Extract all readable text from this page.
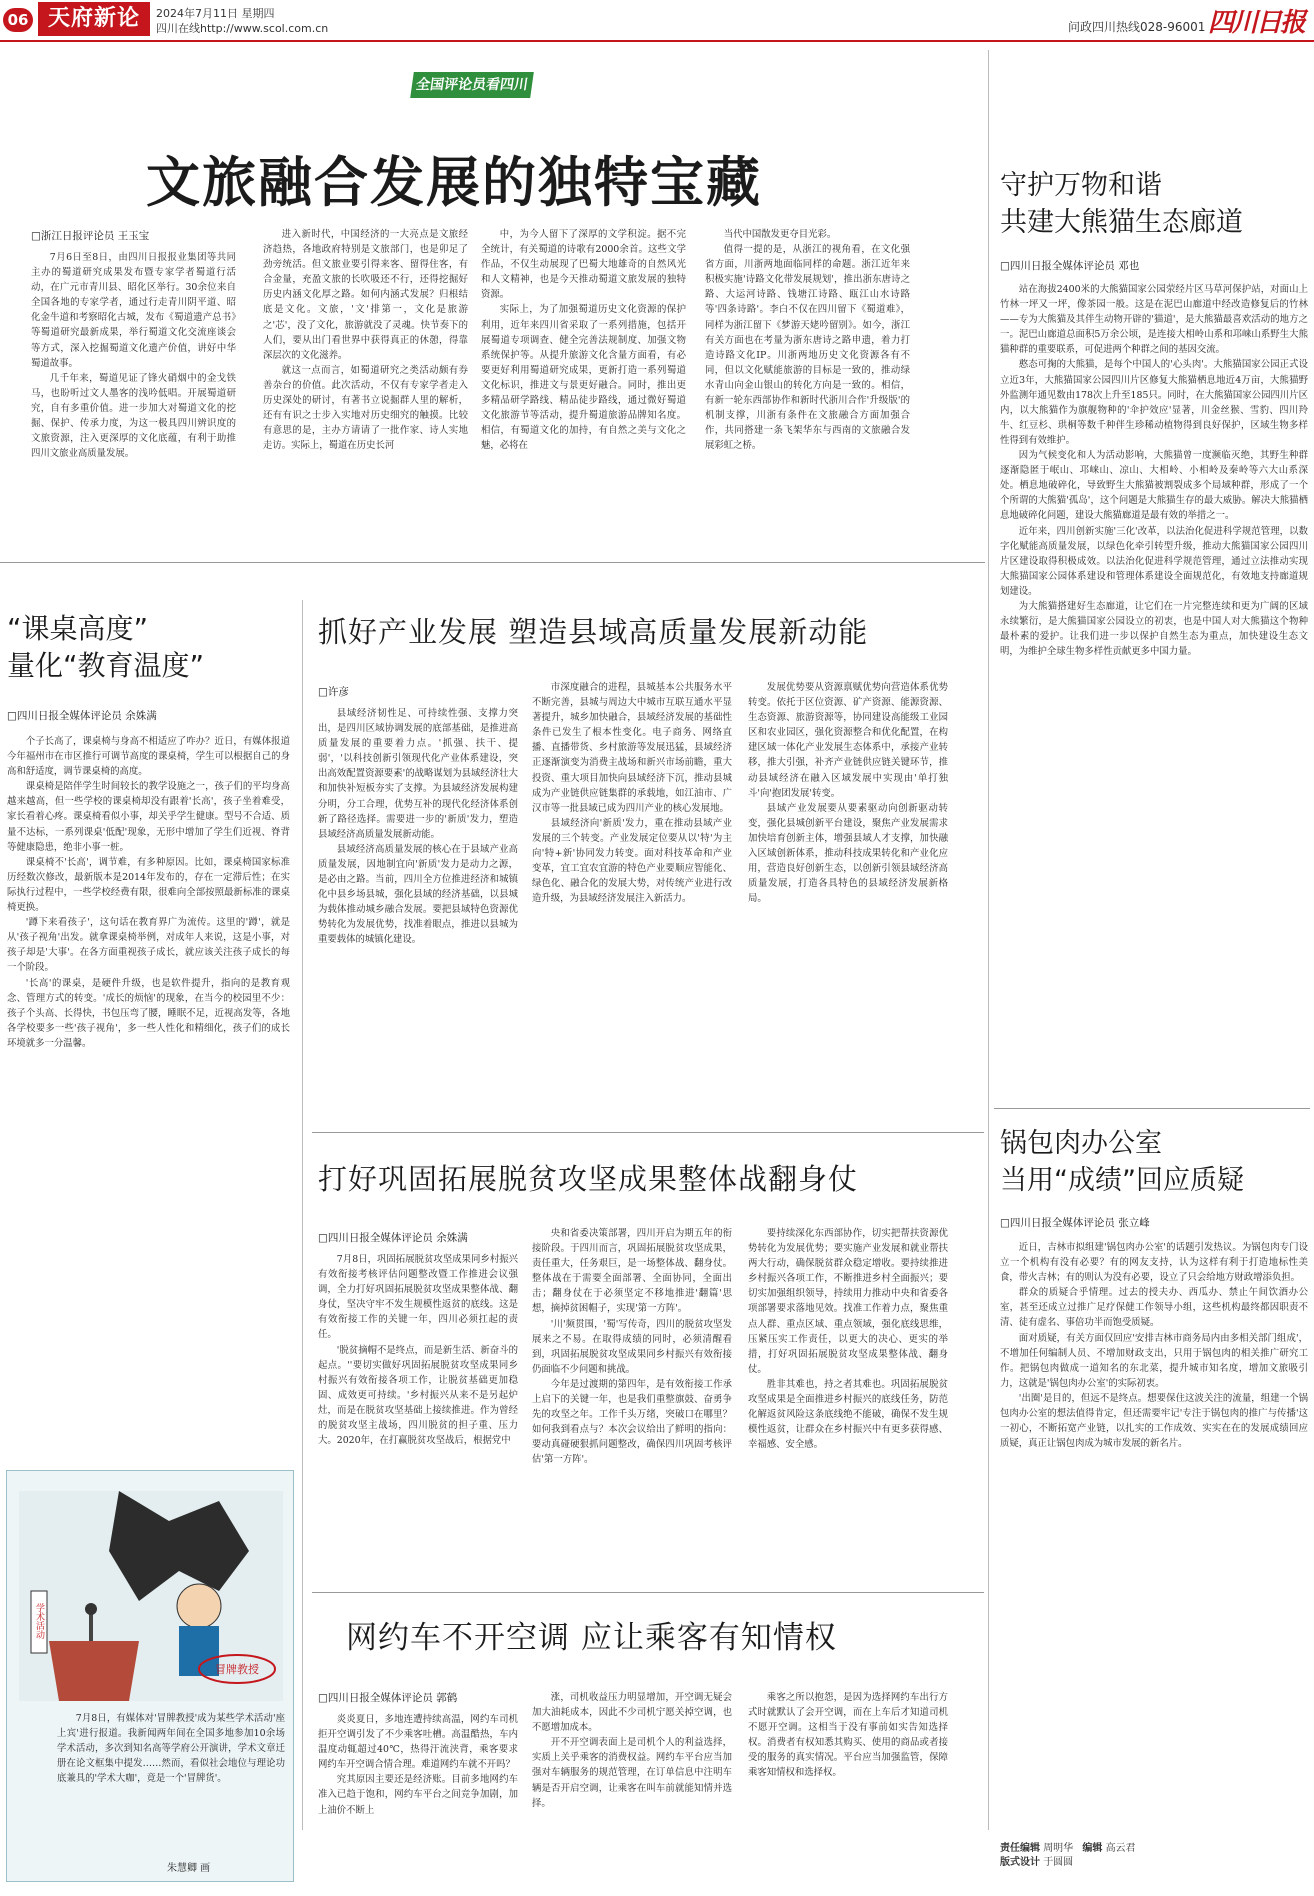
06 天府新论	2024年7月11日 星期四
四川在线http://www.scol.com.cn	问政四川热线028-96001 四川日报
全国评论员看四川
文旅融合发展的独特宝藏
□浙江日报评论员 王玉宝

7月6日至8日，由四川日报报业集团等共同主办的蜀道研究成果发布暨专家学者蜀道行活动，在广元市青川县、昭化区举行。30余位来自全国各地的专家学者，通过行走青川阴平道、昭化金牛道和考察昭化古城，发布《蜀道遗产总书》等蜀道研究最新成果，举行蜀道文化交流座谈会等方式，深入挖掘蜀道文化遗产价值，讲好中华蜀道故事。

几千年来，蜀道见证了锋火硝烟中的金戈铁马，也盼听过文人墨客的浅吟低唱。开展蜀道研究，自有多重价值。进一步加大对蜀道文化的挖掘、保护、传承力度，为这一极具四川辨识度的文旅资源，注入更深厚的文化底蕴，有利于助推四川文旅业高质量发展。

进入新时代，中国经济的一大亮点是文旅经济趋热，各地政府特别是文旅部门，也是卯足了劲旁统活。但文旅业要引得来客、留得住客，有合金量，充盈文旅的长吹吸还不行，还得挖掘好历史内涵文化厚之路。如何内涵式发展？归根结底是文化。文旅，'文'排第一，文化是旅游之'芯'，没了文化，旅游就没了灵魂。快节奏下的人们，要从出门看世界中获得真正的休憩，得靠深层次的文化滋养。

就这一点而言，如蜀道研究之类活动颇有券善杂台的价值。此次活动，不仅有专家学者走入历史深处的研讨，有著书立说掘群人里的解析，还有有识之士步入实地对历史细究的触摸。比较有意思的是，主办方请请了一批作家、诗人实地走访。实际上，蜀道在历史长河

中，为今人留下了深厚的文学积淀。据不完全统计，有关蜀道的诗歌有2000余首。这些文学作品，不仅生动展现了巴蜀大地雄奇的自然风光和人文精神，也是今天推动蜀道文旅发展的独特资源。

实际上，为了加强蜀道历史文化资源的保护利用，近年来四川省采取了一系列措施，包括开展蜀道专项调查、健全完善法规制度、加强文物系统保护等。从提升旅游文化含量方面看，有必要更好利用蜀道研究成果，更新打造一系列蜀道文化标识，推进文与景更好融合。同时，推出更多精品研学路线、精品徒步路线，通过微好蜀道文化旅游节等活动，提升蜀道旅游品牌知名度。相信，有蜀道文化的加持，有自然之美与文化之魅，必将在

当代中国散发更夺目光彩。

值得一提的是，从浙江的视角看，在文化强省方面，川浙两地面临同样的命题。浙江近年来积极实施'诗路文化带发展规划'，推出浙东唐诗之路、大运河诗路、钱塘江诗路、瓯江山水诗路等'四条诗路'。李白不仅在四川留下《蜀道难》，同样为浙江留下《梦游天姥吟留别》。如今，浙江有关方面也在考量为浙东唐诗之路申遗，着力打造诗路文化IP。川浙两地历史文化资源各有不同，但以文化赋能旅游的目标是一致的，推动绿水青山向金山银山的转化方向是一致的。相信，有新一轮东西部协作和新时代浙川合作'升级版'的机制支撑，川浙有条件在文旅融合方面加强合作，共同搭建一条飞架华东与西南的文旅融合发展彩虹之桥。

“课桌高度”
量化“教育温度”
□四川日报全媒体评论员 余姝满

个子长高了，课桌椅与身高不相适应了咋办？近日，有媒体报道今年福州市在市区推行可调节高度的课桌椅，学生可以根据自己的身高和舒适度，调节课桌椅的高度。

课桌椅是陪伴学生时间较长的教学设施之一，孩子们的平均身高越来越高，但一些学校的课桌椅却没有跟着'长高'，孩子坐着难受，家长看着心疼。课桌椅看似小事，却关乎学生健康。型号不合适、质量不达标，一系列课桌'低配'现象，无形中增加了学生们近视、脊背等健康隐患，绝非小事一桩。

课桌椅不'长高'，调节难，有多种原因。比如，课桌椅国家标准历经数次修改，最新版本是2014年发布的，存在一定滞后性；在实际执行过程中，一些学校经费有限，很难向全部按照最新标准的课桌椅更换。

'蹲下来看孩子'，这句话在教育界广为流传。这里的'蹲'，就是从'孩子视角'出发。就拿课桌椅举例，对成年人来说，这是小事，对孩子却是'大事'。在各方面重视孩子成长，就应该关注孩子成长的每一个阶段。

'长高'的课桌，是硬件升级，也是软件提升，指向的是教育观念、管理方式的转变。'成长的烦恼'的现象，在当今的校园里不少：孩子个头高、长得快，书包压弯了腰，睡眠不足，近视高发等，各地各学校要多一些'孩子视角'，多一些人性化和精细化，孩子们的成长环境就多一分温馨。

冒牌教授
学术活动

7月8日，有媒体对'冒牌教授'成为某些学术活动'座上宾'进行报道。我新闻两年间在全国多地参加10余场学术活动，多次到知名高等学府公开演讲，学术文章迁册在论文框集中提发……然而，看似社会地位与理论功底兼具的'学术大咖'，竟是一个'冒牌货'。

朱慧卿 画
抓好产业发展 塑造县域高质量发展新动能
□许彦

县域经济韧性足、可持续性强、支撑力突出，是四川区域协调发展的底部基础，是推进高质量发展的重要着力点。'抓强、扶干、提弱'，'以科技创新引领现代化产业体系建设，突出高效配置资源要素'的战略谋划为县域经济壮大和加快补短板夯实了支撑。为县域经济发展构建分明，分工合理，优势互补的现代化经济体系创新了路径选择。需要进一步的'新质'发力，塑造县域经济高质量发展新动能。

县域经济高质量发展的核心在于县域产业高质量发展，因地制宜向'新质'发力是动力之源，是必由之路。当前，四川全方位推进经济和城镇化中县乡场县城，强化县域的经济基础，以县城为载体推动城乡融合发展。要把县域特色资源优势转化为发展优势，找准着眼点，推进以县城为重要载体的城镇化建设。

市深度融合的进程，县城基本公共服务水平不断完善，县城与周边大中城市互联互通水平显著提升，城乡加快融合，县域经济发展的基础性条件已发生了根本性变化。电子商务、网络直播、直播带货、乡村旅游等发展迅猛，县域经济正逐渐演变为消费主战场和新兴市场前瞻，重大投资、重大项目加快向县域经济下沉，推动县城成为产业链供应链集群的承载地，如江油市、广汉市等一批县域已成为四川产业的核心发展地。

县域经济向'新质'发力，重在推动县域产业发展的三个转变。产业发展定位要从以'特'为主向'特+新'协同发力转变。面对科技革命和产业变革，宜工宜农宜游的特色产业要顺应智能化、绿色化、融合化的发展大势，对传统产业进行改造升级，为县域经济发展注入新活力。

发展优势要从资源禀赋优势向营造体系优势转变。依托于区位资源、矿产资源、能源资源、生态资源、旅游资源等，协同建设高能级工业园区和农业园区，强化资源整合和优化配置，在构建区域一体化产业发展生态体系中，承接产业转移，推大引强，补齐产业链供应链关键环节，推动县域经济在融入区域发展中实现由'单打独斗'向'抱团发展'转变。

县域产业发展要从要素驱动向创新驱动转变，强化县城创新平台建设，聚焦产业发展需求加快培育创新主体，增强县域人才支撑，加快融入区域创新体系，推动科技成果转化和产业化应用，营造良好创新生态，以创新引领县域经济高质量发展，打造各具特色的县域经济发展新格局。

打好巩固拓展脱贫攻坚成果整体战翻身仗
□四川日报全媒体评论员 余姝满

7月8日，巩固拓展脱贫攻坚成果同乡村振兴有效衔接考核评估问题整改暨工作推进会议强调，全力打好巩固拓展脱贫攻坚成果整体战、翻身仗，坚决守牢不发生规模性返贫的底线。这是有效衔接工作的关键一年，四川必须扛起的责任。

'脱贫摘帽不是终点，而是新生活、新奋斗的起点。''要切实做好巩固拓展脱贫攻坚成果同乡村振兴有效衔接各项工作，让脱贫基础更加稳固、成效更可持续。'乡村振兴从来不是另起炉灶，而是在脱贫攻坚基础上接续推进。作为曾经的脱贫攻坚主战场，四川脱贫的担子重、压力大。2020年，在打赢脱贫攻坚战后，根据党中

央和省委决策部署，四川开启为期五年的衔接阶段。于四川而言，巩固拓展脱贫攻坚成果，责任重大，任务艰巨，是一场整体战、翻身仗。整体战在于需要全面部署、全面协同，全面出击；翻身仗在于必须坚定不移地推进'翻篇'思想，摘掉贫困帽子，实现'第一方阵'。

'川'频贯围，'蜀'写传奇，四川的脱贫攻坚发展来之不易。在取得成绩的同时，必须清醒看到，巩固拓展脱贫攻坚成果同乡村振兴有效衔接仍面临不少问题和挑战。

今年是过渡期的第四年，是有效衔接工作承上启下的关键一年，也是我们重整旗鼓、奋勇争先的攻坚之年。工作千头万绪，突破口在哪里？如何我到看点与？本次会议给出了鲜明的指向：要动真碰硬狠抓问题整改，确保四川巩固考核评估'第一方阵'。

要持续深化东西部协作，切实把帮扶资源优势转化为发展优势；要实施产业发展和就业帮扶两大行动，确保脱贫群众稳定增收。要持续推进乡村振兴各项工作，不断推进乡村全面振兴；要切实加强组织领导，持续用力推动中央和省委各项部署要求落地见效。找准工作着力点，聚焦重点人群、重点区域、重点领域，强化底线思维，压紧压实工作责任，以更大的决心、更实的举措，打好巩固拓展脱贫攻坚成果整体战、翻身仗。

胜非其难也，持之者其难也。巩固拓展脱贫攻坚成果是全面推进乡村振兴的底线任务，防范化解返贫风险这条底线绝不能破，确保不发生规模性返贫，让群众在乡村振兴中有更多获得感、幸福感、安全感。

网约车不开空调 应让乘客有知情权
□四川日报全媒体评论员 郭鹤

炎炎夏日，多地连遭持续高温，网约车司机拒开空调引发了不少乘客吐槽。高温酷热，车内温度动辄超过40℃，热得汗流浃背，乘客要求网约车开空调合情合理。难道网约车就不开吗？

究其原因主要还是经济账。目前多地网约车准入已趋于饱和，网约车平台之间竞争加剧，加上油价不断上

涨，司机收益压力明显增加，开空调无疑会加大油耗成本，因此不少司机宁愿关掉空调，也不愿增加成本。

开不开空调表面上是司机个人的利益选择，实质上关乎乘客的消费权益。网约车平台应当加强对车辆服务的规范管理，在订单信息中注明车辆是否开启空调，让乘客在叫车前就能知情并选择。

乘客之所以抱怨，是因为选择网约车出行方式时就默认了会开空调，而在上车后才知道司机不愿开空调。这相当于没有事前如实告知选择权。消费者有权知悉其购买、使用的商品或者接受的服务的真实情况。平台应当加强监管，保障乘客知情权和选择权。

守护万物和谐
共建大熊猫生态廊道
□四川日报全媒体评论员 邓也

站在海拔2400米的大熊猫国家公园荥经片区马草河保护站，对面山上竹林一坪又一坪，像茶园一般。这是在泥巴山廊道中经改造修复后的竹林——专为大熊猫及其伴生动物开辟的'猫道'，是大熊猫最喜欢活动的地方之一。泥巴山廊道总面积5万余公顷，是连接大相岭山系和邛崃山系野生大熊猫种群的重要联系，可促进两个种群之间的基因交流。

憨态可掬的大熊猫，是每个中国人的'心头肉'。大熊猫国家公园正式设立近3年，大熊猫国家公园四川片区修复大熊猫栖息地近4万亩，大熊猫野外监测年通见数由178次上升至185只。同时，在大熊猫国家公园四川片区内，以大熊猫作为旗舰物种的'伞护效应'显著，川金丝猴、雪豹、四川羚牛、红豆杉、珙桐等数千种伴生珍稀动植物得到良好保护，区域生物多样性得到有效维护。

因为气候变化和人为活动影响，大熊猫曾一度濒临灭绝，其野生种群逐渐隐匿于岷山、邛崃山、凉山、大相岭、小相岭及秦岭等六大山系深处。栖息地破碎化，导致野生大熊猫被割裂成多个局域种群，形成了一个个所谓的大熊猫'孤岛'，这个问题是大熊猫生存的最大威胁。解决大熊猫栖息地破碎化问题，建设大熊猫廊道是最有效的举措之一。

近年来，四川创新实施'三化'改革，以法治化促进科学规范管理，以数字化赋能高质量发展，以绿色化牵引转型升级，推动大熊猫国家公园四川片区建设取得积极成效。以法治化促进科学规范管理，通过立法推动实现大熊猫国家公园体系建设和管理体系建设全面规范化，有效地支持廊道规划建设。

为大熊猫搭建好生态廊道，让它们在一片完整连续和更为广阔的区域永续繁衍，是大熊猫国家公园设立的初衷，也是中国人对大熊猫这个物种最朴素的爱护。让我们进一步以保护自然生态为重点，加快建设生态文明，为维护全球生物多样性贡献更多中国力量。

锅包肉办公室
当用“成绩”回应质疑
□四川日报全媒体评论员 张立峰

近日，吉林市拟组建'锅包肉办公室'的话题引发热议。为锅包肉专门设立一个机构有没有必要？有的网友支持，认为这样有利于打造地标性美食，带火吉林；有的则认为没有必要，设立了只会给地方财政增添负担。

群众的质疑合乎情理。过去的授夫办、西瓜办、禁止午间饮酒办公室，甚至还成立过推广足疗保健工作领导小组，这些机构最终都因职责不清、徒有虚名、事倍功半而饱受质疑。

面对质疑，有关方面仅回应'安排吉林市商务局内由多相关部门组成'，不增加任何编制人员、不增加财政支出，只用于锅包肉的相关推广研究工作。把锅包肉做成一道知名的东北菜，提升城市知名度，增加文旅吸引力，这就是'锅包肉办公室'的实际初衷。

'出圈'是目的，但远不是终点。想要保住这波关注的流量，组建一个锅包肉办公室的想法值得肯定，但还需要牢记'专注于锅包肉的推广与传播'这一初心，不断拓宽产业链，以扎实的工作成效、实实在在的发展成绩回应质疑，真正让锅包肉成为城市发展的新名片。

责任编辑 周明华 编辑 高云君
版式设计 于圆圆
